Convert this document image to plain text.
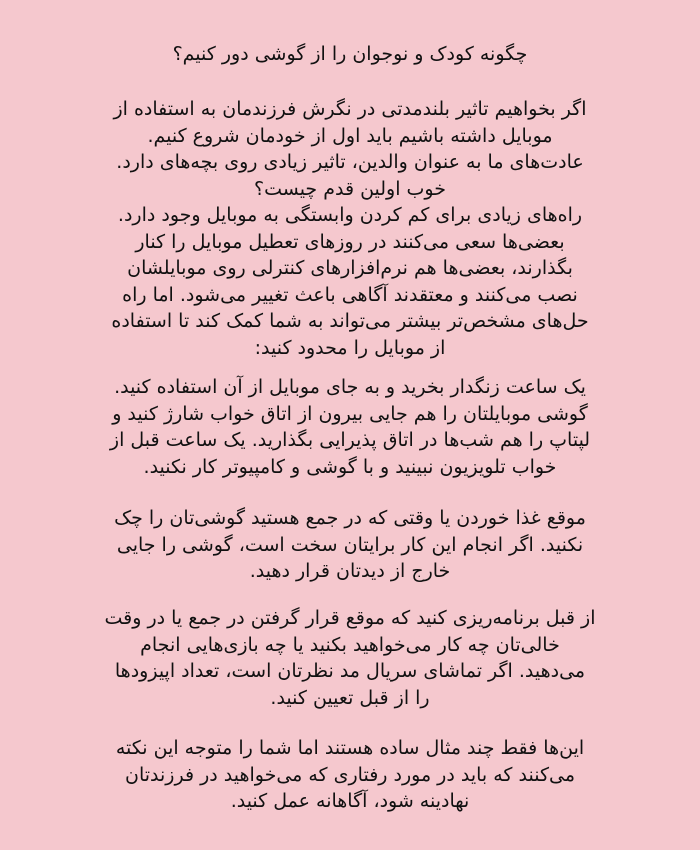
چگونه کودک و نوجوان را از گوشی دور کنیم؟
اگر بخواهیم تاثیر بلندمدتی در نگرش فرزندمان به استفاده از
موبایل داشته باشیم باید اول از خودمان شروع کنیم.
عادت‌های ما به عنوان والدین، تاثیر زیادی روی بچه‌های دارد.
خوب اولین قدم چیست؟
راه‌های زیادی برای کم کردن وابستگی به موبایل وجود دارد.
بعضی‌ها سعی می‌کنند در روزهای تعطیل موبایل را کنار
بگذارند، بعضی‌ها هم نرم‌افزارهای کنترلی روی موبایلشان
نصب می‌کنند و معتقدند آگاهی باعث تغییر می‌شود. اما راه
حل‌های مشخص‌تر بیشتر می‌تواند به شما کمک کند تا استفاده
از موبایل را محدود کنید:
یک ساعت زنگدار بخرید و به جای موبایل از آن استفاده کنید.
گوشی موبایلتان را هم جایی بیرون از اتاق خواب شارژ کنید و
لپتاپ را هم شب‌ها در اتاق پذیرایی بگذارید. یک ساعت قبل از
خواب تلویزیون نبینید و با گوشی و کامپیوتر کار نکنید.
موقع غذا خوردن یا وقتی که در جمع هستید گوشی‌تان را چک
نکنید. اگر انجام این کار برایتان سخت است، گوشی را جایی
خارج از دیدتان قرار دهید.
از قبل برنامه‌ریزی کنید که موقع قرار گرفتن در جمع یا در وقت
خالی‌تان چه کار می‌خواهید بکنید یا چه بازی‌هایی انجام
می‌دهید. اگر تماشای سریال مد نظرتان است، تعداد اپیزودها
را از قبل تعیین کنید.
این‌ها فقط چند مثال ساده هستند اما شما را متوجه این نکته
می‌کنند که باید در مورد رفتاری که می‌خواهید در فرزندتان
نهادینه شود، آگاهانه عمل کنید.
